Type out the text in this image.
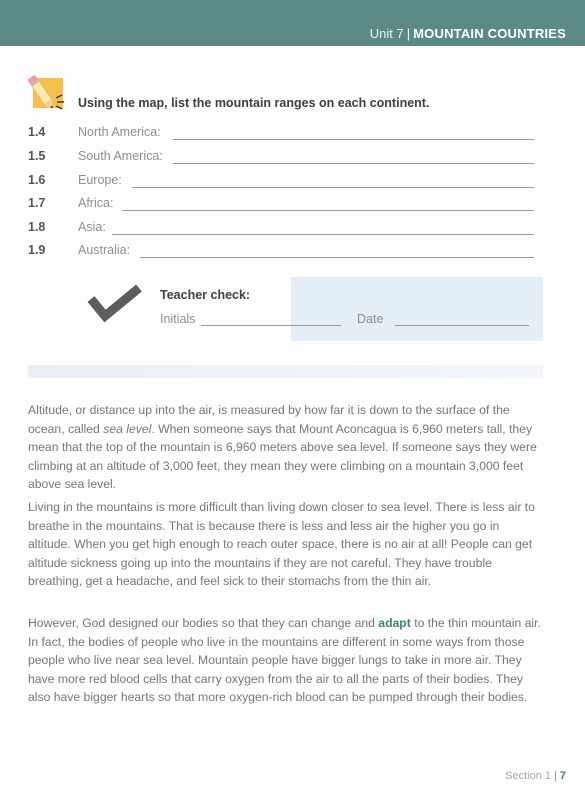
Unit 7 | MOUNTAIN COUNTRIES
Using the map, list the mountain ranges on each continent.
1.4	North America:
1.5	South America:
1.6	Europe:
1.7	Africa:
1.8	Asia:
1.9	Australia:
Teacher check:
Initials	Date

Altitude, or distance up into the air, is measured by how far it is down to the surface of the ocean, called sea level. When someone says that Mount Aconcagua is 6,960 meters tall, they mean that the top of the mountain is 6,960 meters above sea level. If someone says they were climbing at an altitude of 3,000 feet, they mean they were climbing on a mountain 3,000 feet above sea level.

Living in the mountains is more difficult than living down closer to sea level. There is less air to breathe in the mountains. That is because there is less and less air the higher you go in altitude. When you get high enough to reach outer space, there is no air at all! People can get altitude sickness going up into the mountains if they are not careful. They have trouble breathing, get a headache, and feel sick to their stomachs from the thin air.

However, God designed our bodies so that they can change and adapt to the thin mountain air. In fact, the bodies of people who live in the mountains are different in some ways from those people who live near sea level. Mountain people have bigger lungs to take in more air. They have more red blood cells that carry oxygen from the air to all the parts of their bodies. They also have bigger hearts so that more oxygen-rich blood can be pumped through their bodies.

Section 1 | 7
